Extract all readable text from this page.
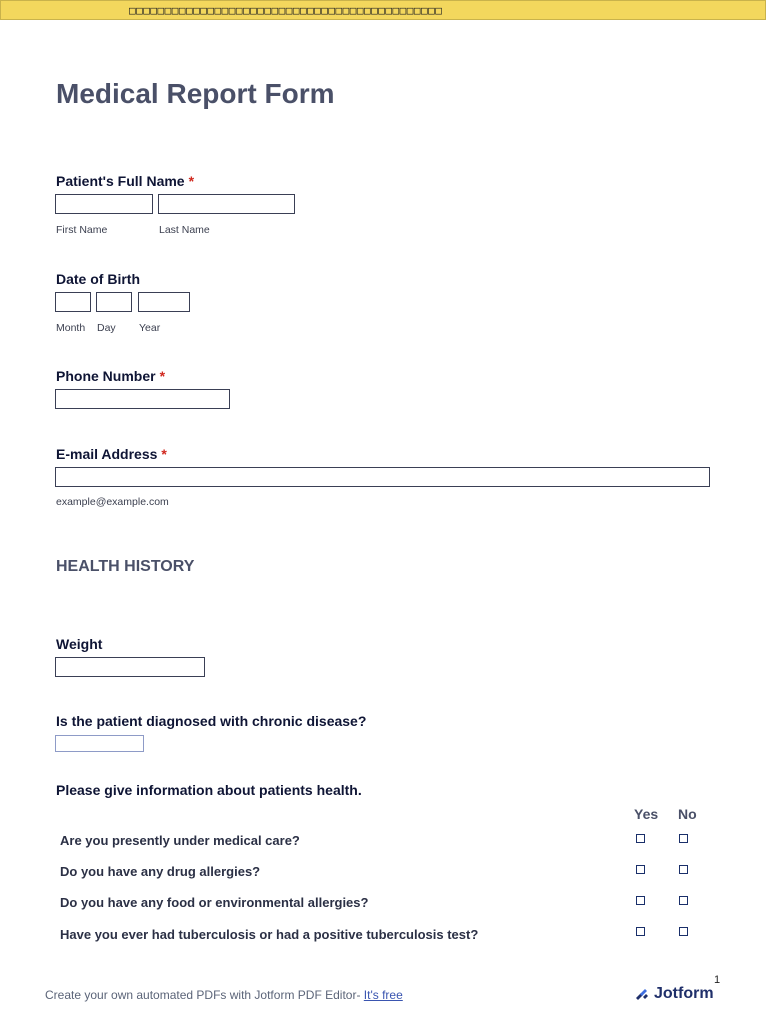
□□□□□□□□□□□□□□□□□□□□□□□□□□□□□□□□□□□□□□□□□□□□
Medical Report Form
Patient's Full Name *
First Name	Last Name
Date of Birth
Month Day Year
Phone Number *
E-mail Address *
example@example.com
HEALTH HISTORY
Weight
Is the patient diagnosed with chronic disease?
Please give information about patients health.
Yes No
Are you presently under medical care?
Do you have any drug allergies?
Do you have any food or environmental allergies?
Have you ever had tuberculosis or had a positive tuberculosis test?
1
Create your own automated PDFs with Jotform PDF Editor- It's free	Jotform
